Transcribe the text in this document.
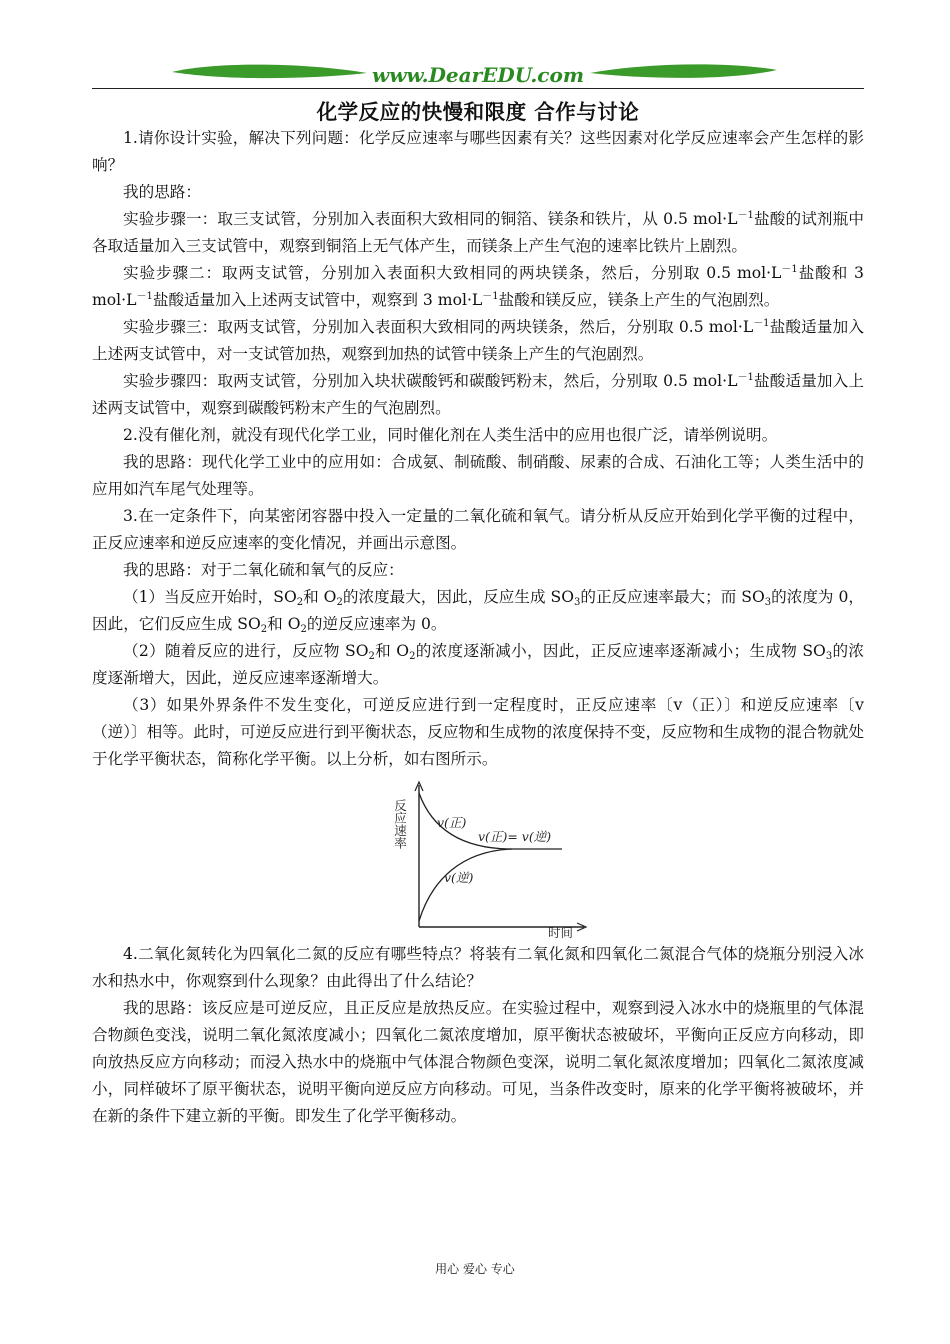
www.DearEDU.com
化学反应的快慢和限度 合作与讨论

1.请你设计实验，解决下列问题：化学反应速率与哪些因素有关？这些因素对化学反应速率会产生怎样的影响？

我的思路：

实验步骤一：取三支试管，分别加入表面积大致相同的铜箔、镁条和铁片，从 0.5 $mol\cdot L^{-1}$盐酸的试剂瓶中各取适量加入三支试管中，观察到铜箔上无气体产生，而镁条上产生气泡的速率比铁片上剧烈。

实验步骤二：取两支试管，分别加入表面积大致相同的两块镁条，然后，分别取 0.5 $mol\cdot L^{-1}$盐酸和 3 $mol\cdot L^{-1}$盐酸适量加入上述两支试管中，观察到 3 $mol\cdot L^{-1}$盐酸和镁反应，镁条上产生的气泡剧烈。

实验步骤三：取两支试管，分别加入表面积大致相同的两块镁条，然后，分别取 0.5 $mol\cdot L^{-1}$盐酸适量加入上述两支试管中，对一支试管加热，观察到加热的试管中镁条上产生的气泡剧烈。

实验步骤四：取两支试管，分别加入块状碳酸钙和碳酸钙粉末，然后，分别取 0.5 $mol\cdot L^{-1}$盐酸适量加入上述两支试管中，观察到碳酸钙粉末产生的气泡剧烈。

2.没有催化剂，就没有现代化学工业，同时催化剂在人类生活中的应用也很广泛，请举例说明。

我的思路：现代化学工业中的应用如：合成氨、制硫酸、制硝酸、尿素的合成、石油化工等；人类生活中的应用如汽车尾气处理等。

3.在一定条件下，向某密闭容器中投入一定量的二氧化硫和氧气。请分析从反应开始到化学平衡的过程中，正反应速率和逆反应速率的变化情况，并画出示意图。

我的思路：对于二氧化硫和氧气的反应：

（1）当反应开始时，$SO_2$和 $O_2$的浓度最大，因此，反应生成 $SO_3$的正反应速率最大；而 $SO_3$的浓度为 0，因此，它们反应生成 $SO_2$和 $O_2$的逆反应速率为 0。

（2）随着反应的进行，反应物 $SO_2$和 $O_2$的浓度逐渐减小，因此，正反应速率逐渐减小；生成物 $SO_3$的浓度逐渐增大，因此，逆反应速率逐渐增大。

（3）如果外界条件不发生变化，可逆反应进行到一定程度时，正反应速率〔v（正）〕和逆反应速率〔v（逆）〕相等。此时，可逆反应进行到平衡状态，反应物和生成物的浓度保持不变，反应物和生成物的混合物就处于化学平衡状态，简称化学平衡。以上分析，如右图所示。

反应速率 v(正)
v(正)= v(逆)
v(逆)
时间

4.二氧化氮转化为四氧化二氮的反应有哪些特点？将装有二氧化氮和四氧化二氮混合气体的烧瓶分别浸入冰水和热水中，你观察到什么现象？由此得出了什么结论？

我的思路：该反应是可逆反应，且正反应是放热反应。在实验过程中，观察到浸入冰水中的烧瓶里的气体混合物颜色变浅，说明二氧化氮浓度减小；四氧化二氮浓度增加，原平衡状态被破坏，平衡向正反应方向移动，即向放热反应方向移动；而浸入热水中的烧瓶中气体混合物颜色变深，说明二氧化氮浓度增加；四氧化二氮浓度减小，同样破坏了原平衡状态，说明平衡向逆反应方向移动。可见，当条件改变时，原来的化学平衡将被破坏，并在新的条件下建立新的平衡。即发生了化学平衡移动。

用心 爱心 专心
